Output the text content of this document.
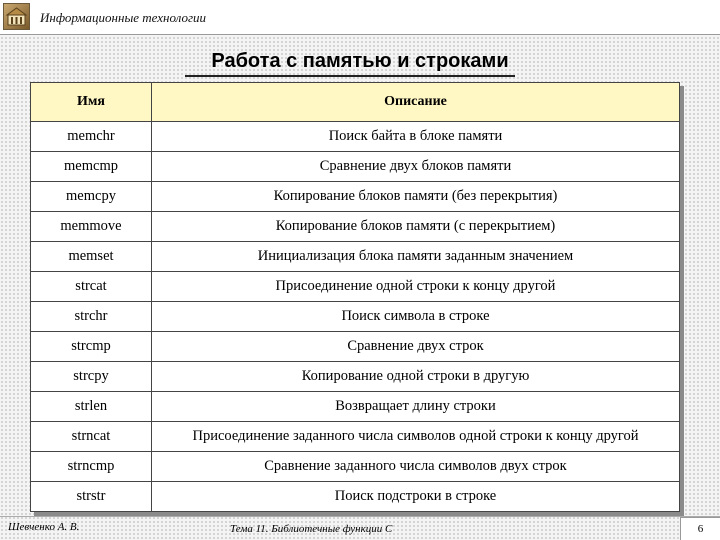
Информационные технологии
Работа с памятью и строками
Имя	Описание
memchr	Поиск байта в блоке памяти
memcmp	Сравнение двух блоков памяти
memcpy	Копирование блоков памяти (без перекрытия)
memmove	Копирование блоков памяти (с перекрытием)
memset	Инициализация блока памяти заданным значением
strcat	Присоединение одной строки к концу другой
strchr	Поиск символа в строке
strcmp	Сравнение двух строк
strcpy	Копирование одной строки в другую
strlen	Возвращает длину строки
strncat	Присоединение заданного числа символов одной строки к концу другой
strncmp	Сравнение заданного числа символов двух строк
strstr	Поиск подстроки в строке
Шевченко А. В.	Тема 11. Библиотечные функции С	6
